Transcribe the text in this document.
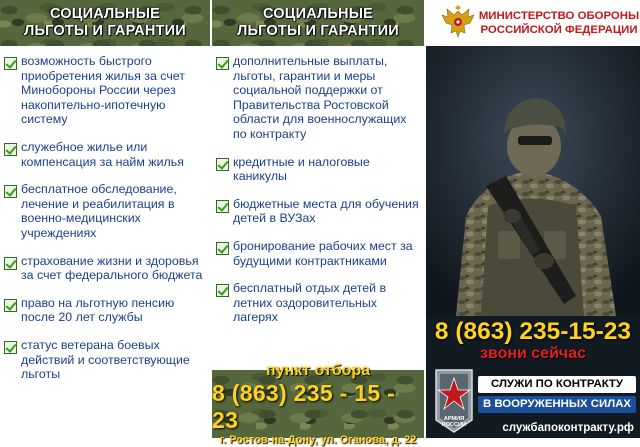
СОЦИАЛЬНЫЕ
ЛЬГОТЫ И ГАРАНТИИ
возможность быстрого приобретения жилья за счет Минобороны России через накопительно-ипотечную систему
служебное жилье или компенсация за найм жилья
бесплатное обследование, лечение и реабилитация в военно-медицинских учреждениях
страхование жизни и здоровья за счет федерального бюджета
право на льготную пенсию после 20 лет службы
статус ветерана боевых действий и соответствующие льготы
СОЦИАЛЬНЫЕ
ЛЬГОТЫ И ГАРАНТИИ
дополнительные выплаты, льготы, гарантии и меры социальной поддержки от Правительства Ростовской области для военнослужащих по контракту
кредитные и налоговые каникулы
бюджетные места для обучения детей в ВУЗах
бронирование рабочих мест за будущими контрактниками
бесплатный отдых детей в летних оздоровительных лагерях
пункт отбора
8 (863) 235 - 15 - 23
г. Ростов-на-Дону, ул. Оганова, д. 22
МИНИСТЕРСТВО ОБОРОНЫ
РОССИЙСКОЙ ФЕДЕРАЦИИ
8 (863) 235-15-23
звони сейчас
АРМИЯ
РОССИИ
СЛУЖИ ПО КОНТРАКТУ
В ВООРУЖЕННЫХ СИЛАХ
службапоконтракту.рф
